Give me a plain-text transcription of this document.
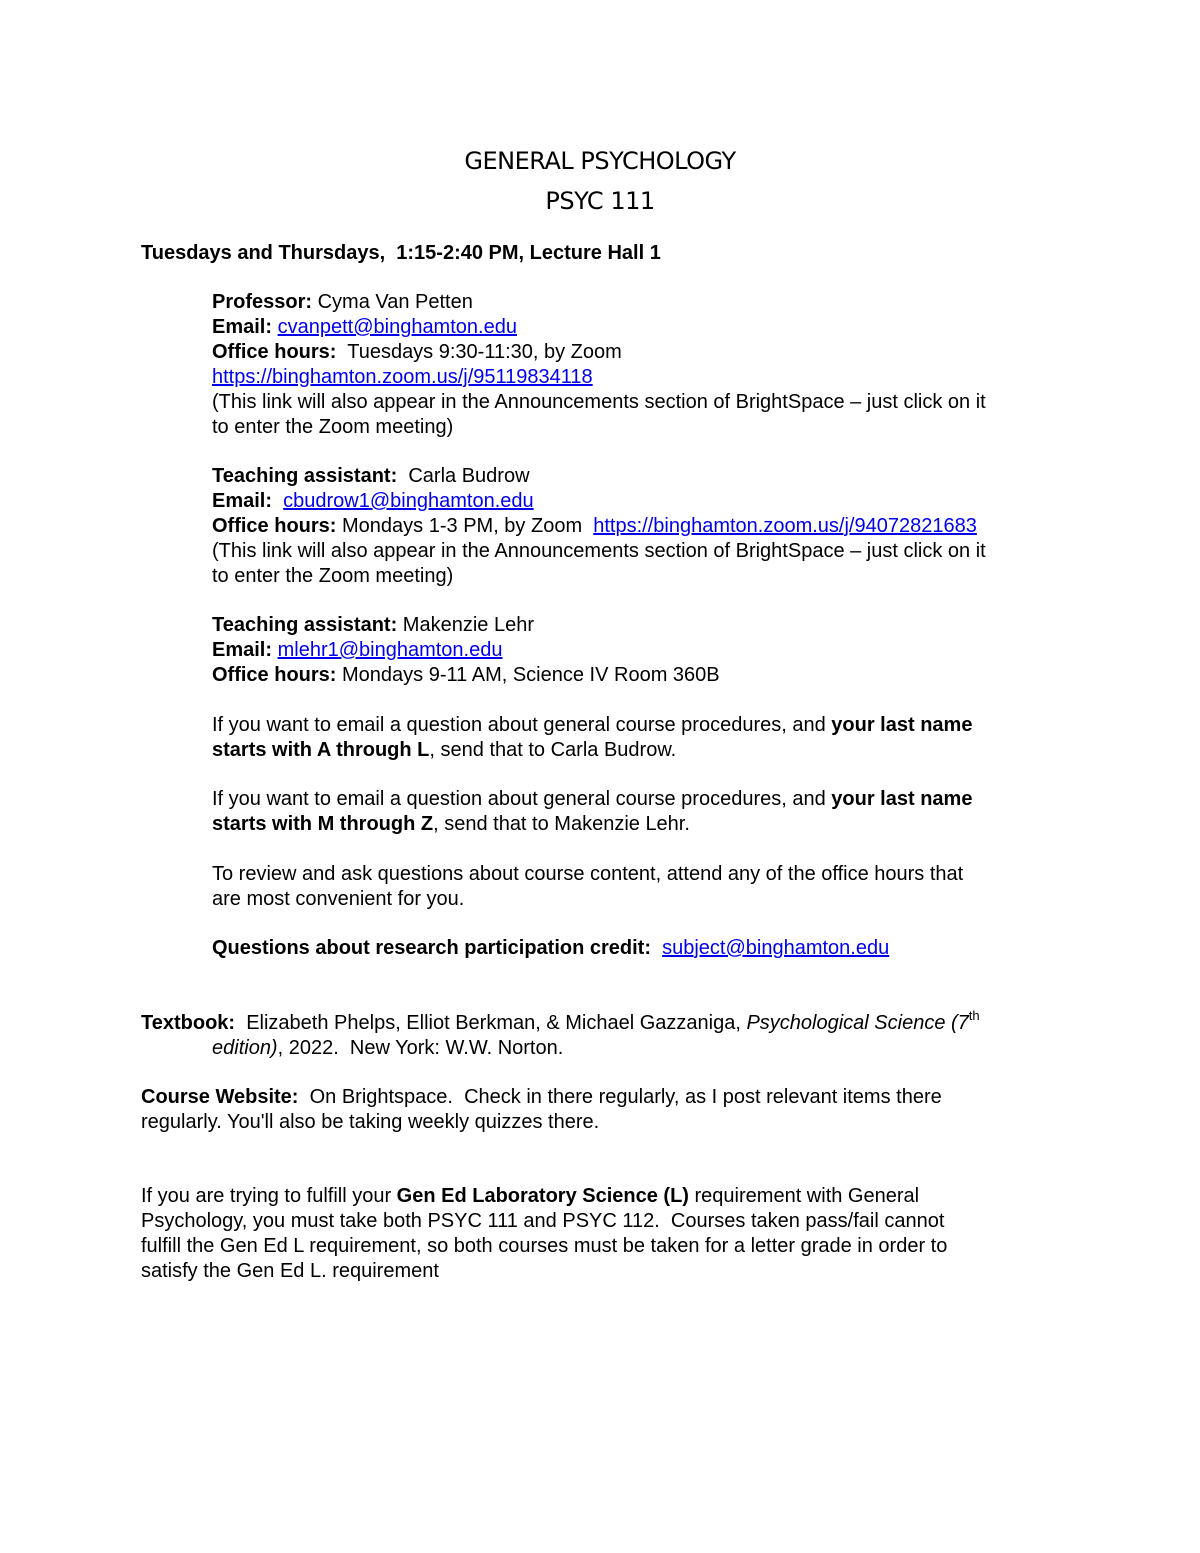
GENERAL PSYCHOLOGY
PSYC 111
Tuesdays and Thursdays,  1:15-2:40 PM, Lecture Hall 1
Professor: Cyma Van Petten
Email: cvanpett@binghamton.edu
Office hours: Tuesdays 9:30-11:30, by Zoom
https://binghamton.zoom.us/j/95119834118
(This link will also appear in the Announcements section of BrightSpace – just click on it
to enter the Zoom meeting)
Teaching assistant: Carla Budrow
Email: cbudrow1@binghamton.edu
Office hours: Mondays 1-3 PM, by Zoom https://binghamton.zoom.us/j/94072821683
(This link will also appear in the Announcements section of BrightSpace – just click on it
to enter the Zoom meeting)
Teaching assistant: Makenzie Lehr
Email: mlehr1@binghamton.edu
Office hours: Mondays 9-11 AM, Science IV Room 360B
If you want to email a question about general course procedures, and your last name
starts with A through L, send that to Carla Budrow.
If you want to email a question about general course procedures, and your last name
starts with M through Z, send that to Makenzie Lehr.
To review and ask questions about course content, attend any of the office hours that
are most convenient for you.
Questions about research participation credit: subject@binghamton.edu
Textbook: Elizabeth Phelps, Elliot Berkman, & Michael Gazzaniga, Psychological Science (7th
edition), 2022.  New York: W.W. Norton.
Course Website: On Brightspace.  Check in there regularly, as I post relevant items there
regularly. You'll also be taking weekly quizzes there.
If you are trying to fulfill your Gen Ed Laboratory Science (L) requirement with General
Psychology, you must take both PSYC 111 and PSYC 112.  Courses taken pass/fail cannot
fulfill the Gen Ed L requirement, so both courses must be taken for a letter grade in order to
satisfy the Gen Ed L. requirement
